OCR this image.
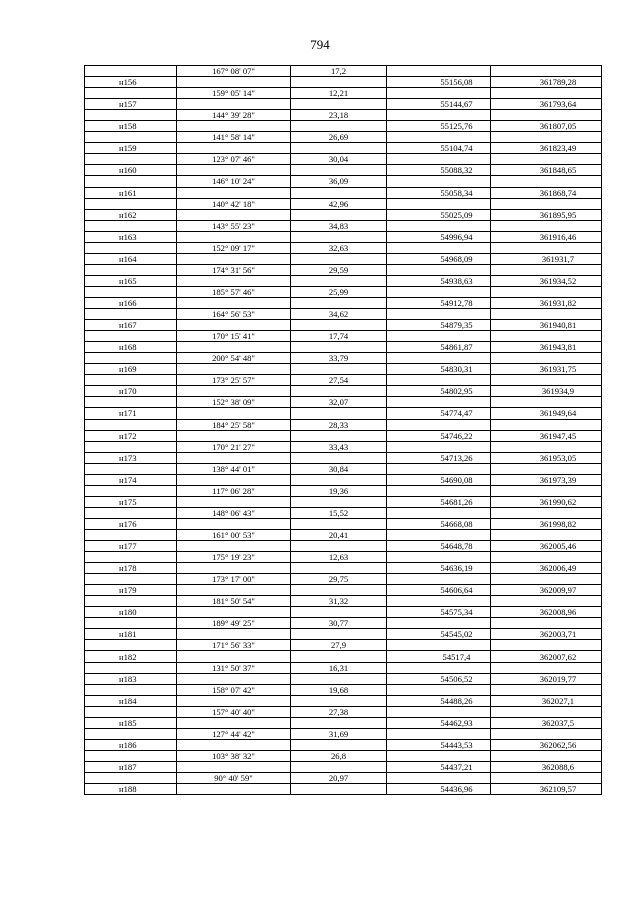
794
	167° 08' 07"	17,2		
н156			55156,08	361789,28
	159° 05' 14"	12,21		
н157			55144,67	361793,64
	144° 39' 28"	23,18		
н158			55125,76	361807,05
	141° 58' 14"	26,69		
н159			55104,74	361823,49
	123° 07' 46"	30,04		
н160			55088,32	361848,65
	146° 10' 24"	36,09		
н161			55058,34	361868,74
	140° 42' 18"	42,96		
н162			55025,09	361895,95
	143° 55' 23"	34,83		
н163			54996,94	361916,46
	152° 09' 17"	32,63		
н164			54968,09	361931,7
	174° 31' 56"	29,59		
н165			54938,63	361934,52
	185° 57' 46"	25,99		
н166			54912,78	361931,82
	164° 56' 53"	34,62		
н167			54879,35	361940,81
	170° 15' 41"	17,74		
н168			54861,87	361943,81
	200° 54' 48"	33,79		
н169			54830,31	361931,75
	173° 25' 57"	27,54		
н170			54802,95	361934,9
	152° 38' 09"	32,07		
н171			54774,47	361949,64
	184° 25' 58"	28,33		
н172			54746,22	361947,45
	170° 21' 27"	33,43		
н173			54713,26	361953,05
	138° 44' 01"	30,84		
н174			54690,08	361973,39
	117° 06' 28"	19,36		
н175			54681,26	361990,62
	148° 06' 43"	15,52		
н176			54668,08	361998,82
	161° 00' 53"	20,41		
н177			54648,78	362005,46
	175° 19' 23"	12,63		
н178			54636,19	362006,49
	173° 17' 00"	29,75		
н179			54606,64	362009,97
	181° 50' 54"	31,32		
н180			54575,34	362008,96
	189° 49' 25"	30,77		
н181			54545,02	362003,71
	171° 56' 33"	27,9		
н182			54517,4	362007,62
	131° 50' 37"	16,31		
н183			54506,52	362019,77
	158° 07' 42"	19,68		
н184			54488,26	362027,1
	157° 40' 40"	27,38		
н185			54462,93	362037,5
	127° 44' 42"	31,69		
н186			54443,53	362062,56
	103° 38' 32"	26,8		
н187			54437,21	362088,6
	90° 40' 59"	20,97		
н188			54436,96	362109,57
